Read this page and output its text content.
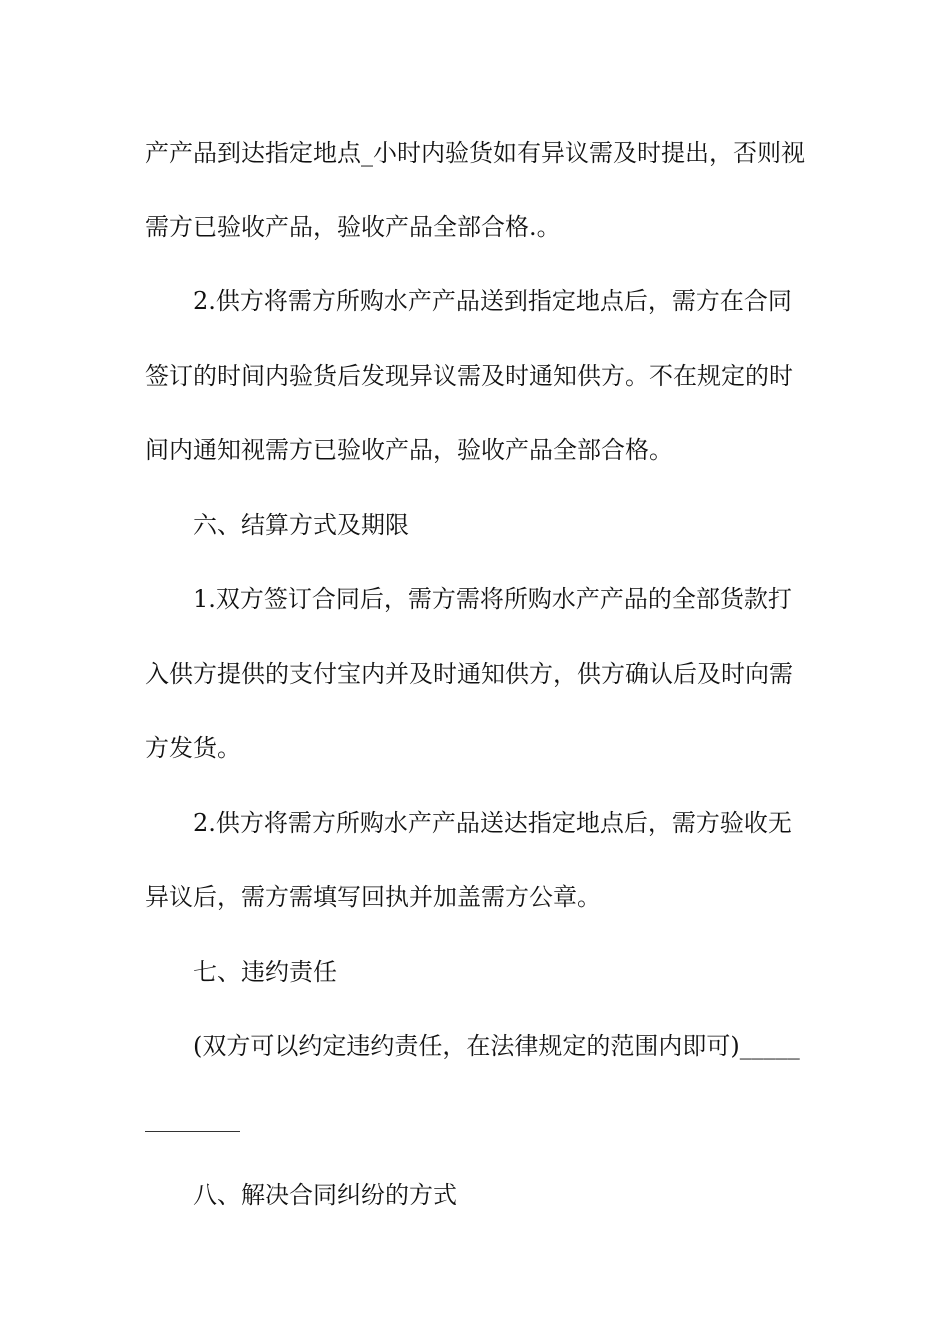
产产品到达指定地点_小时内验货如有异议需及时提出，否则视
需方已验收产品，验收产品全部合格.。
2.供方将需方所购水产产品送到指定地点后，需方在合同
签订的时间内验货后发现异议需及时通知供方。不在规定的时
间内通知视需方已验收产品，验收产品全部合格。
六、结算方式及期限
1.双方签订合同后，需方需将所购水产产品的全部货款打
入供方提供的支付宝内并及时通知供方，供方确认后及时向需
方发货。
2.供方将需方所购水产产品送达指定地点后，需方验收无
异议后，需方需填写回执并加盖需方公章。
七、违约责任
(双方可以约定违约责任，在法律规定的范围内即可)_____
八、解决合同纠纷的方式
